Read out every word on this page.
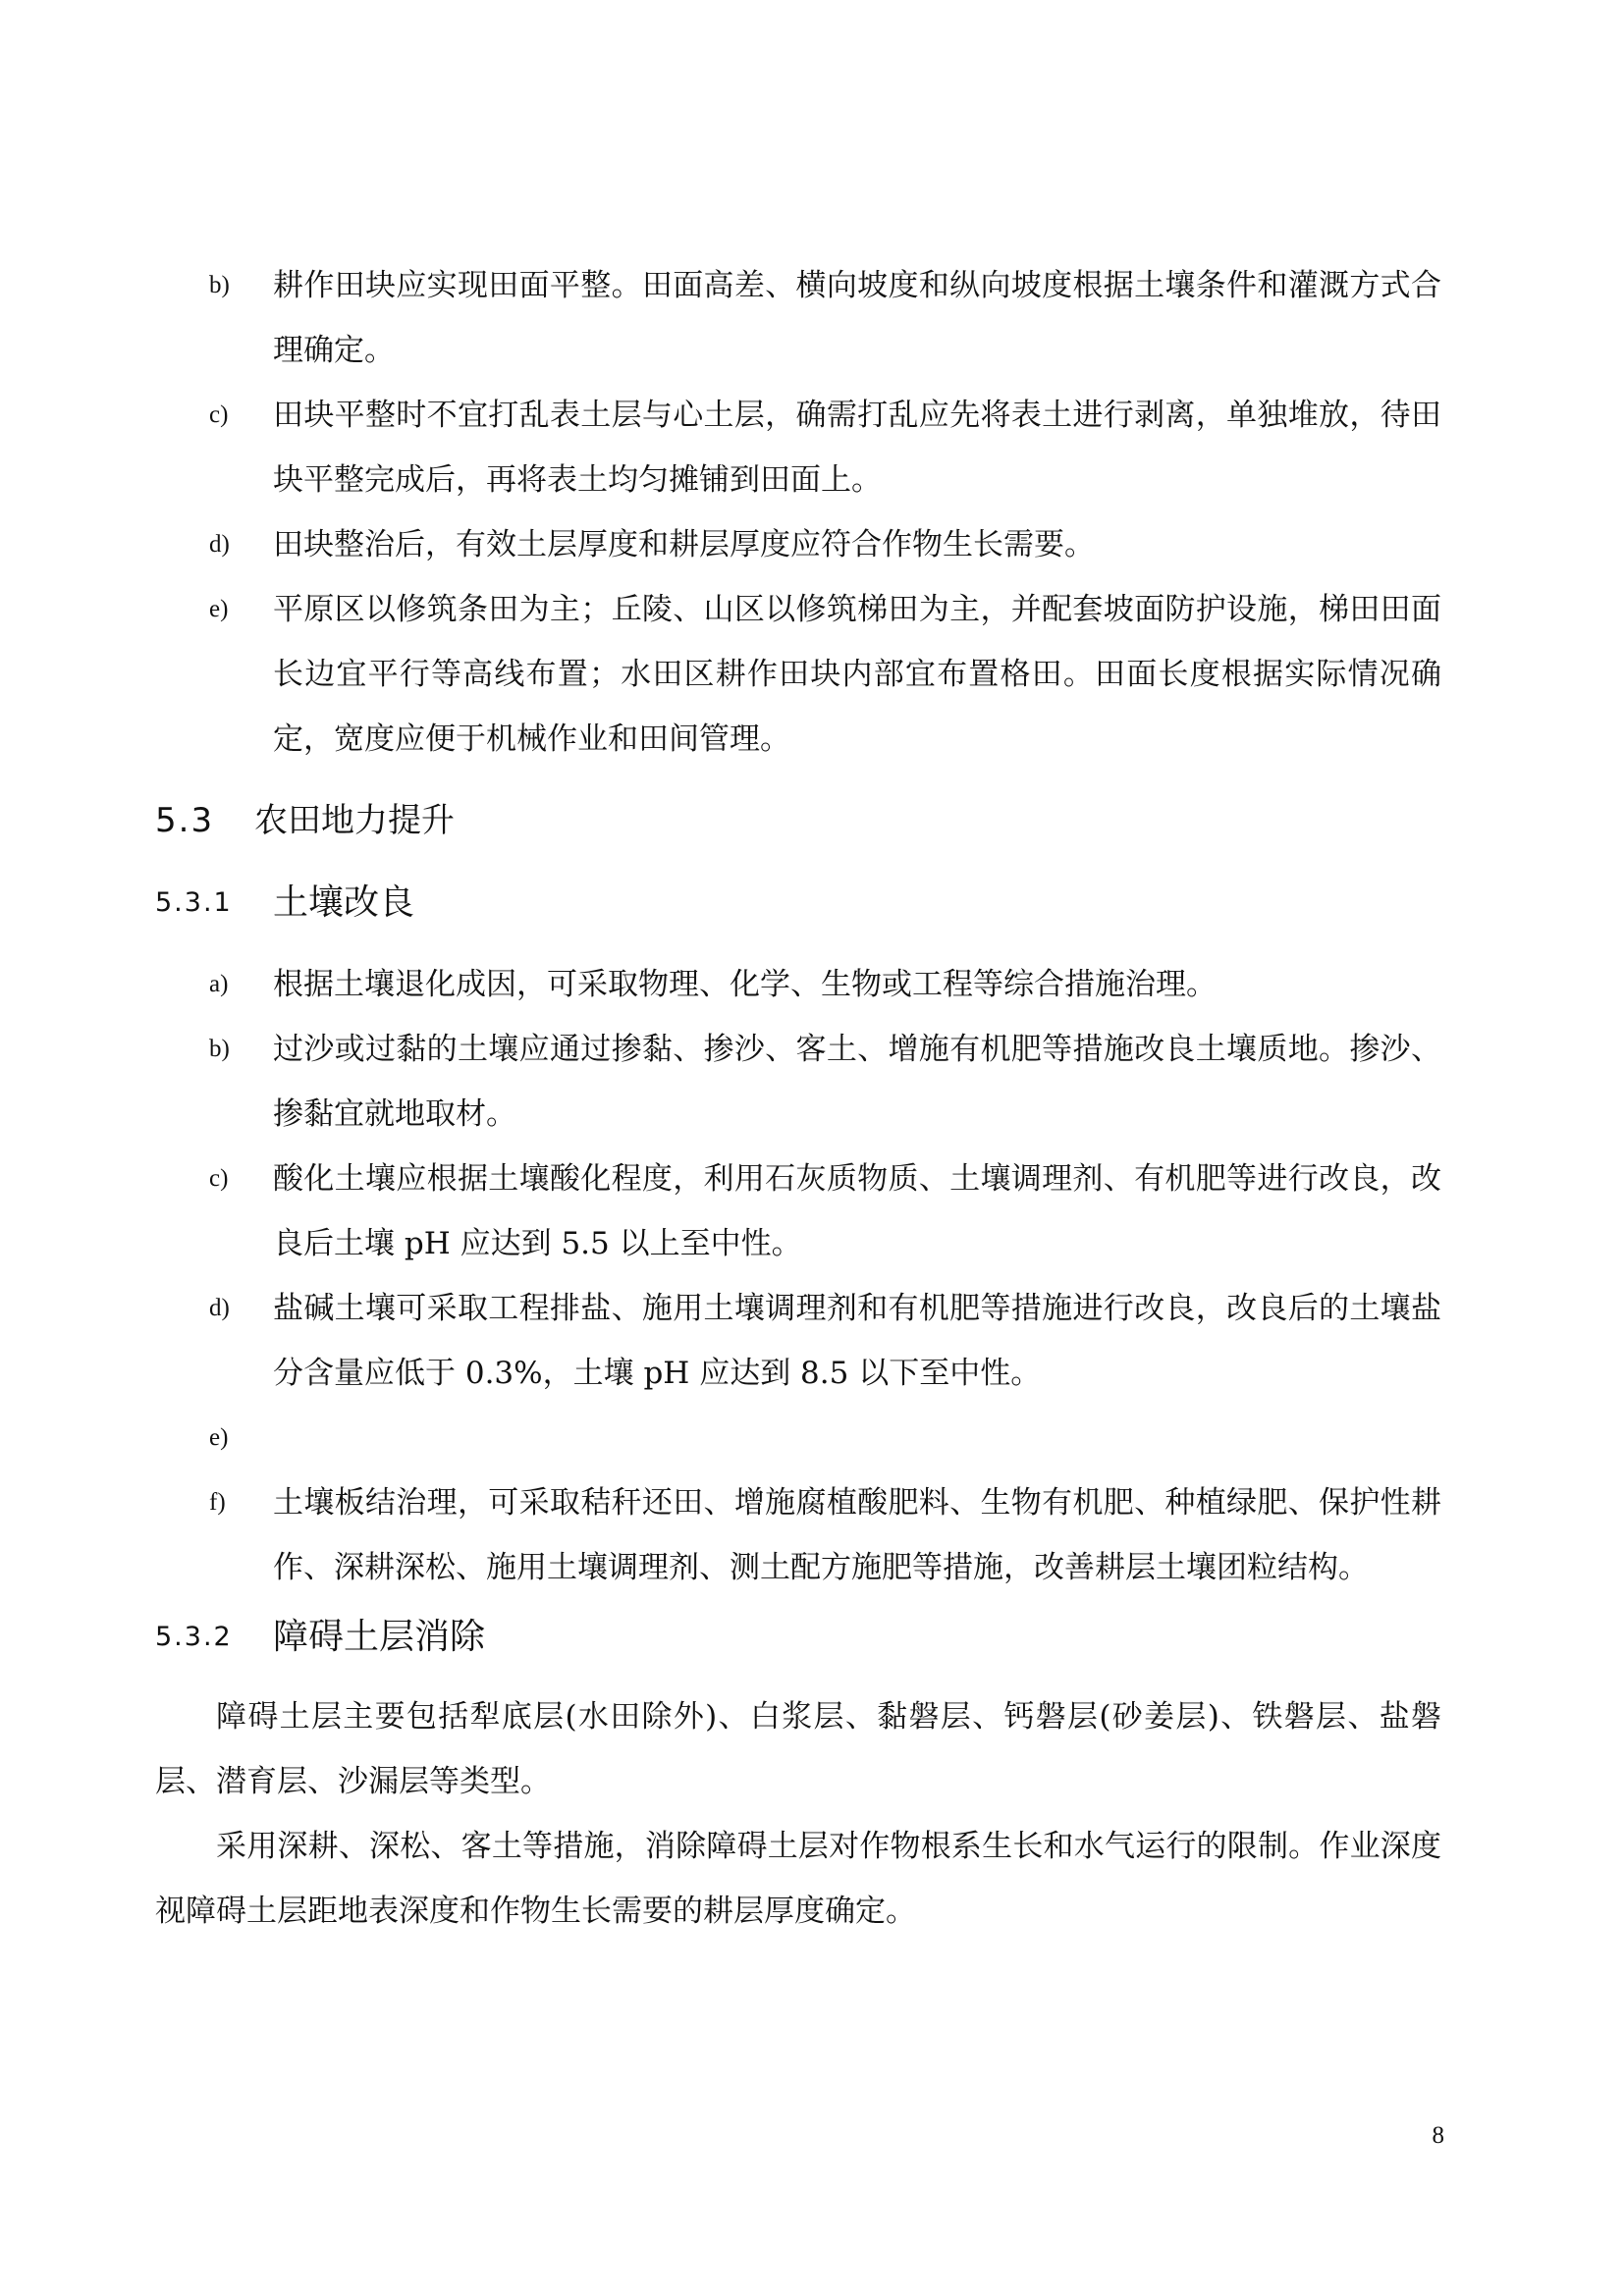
b) 耕作田块应实现田面平整。田面高差、横向坡度和纵向坡度根据土壤条件和灌溉方式合理确定。

c) 田块平整时不宜打乱表土层与心土层，确需打乱应先将表土进行剥离，单独堆放，待田块平整完成后，再将表土均匀摊铺到田面上。

d) 田块整治后，有效土层厚度和耕层厚度应符合作物生长需要。

e) 平原区以修筑条田为主；丘陵、山区以修筑梯田为主，并配套坡面防护设施，梯田田面长边宜平行等高线布置；水田区耕作田块内部宜布置格田。田面长度根据实际情况确定，宽度应便于机械作业和田间管理。

5.3	农田地力提升
5.3.1	土壤改良

a) 根据土壤退化成因，可采取物理、化学、生物或工程等综合措施治理。

b) 过沙或过黏的土壤应通过掺黏、掺沙、客土、增施有机肥等措施改良土壤质地。掺沙、掺黏宜就地取材。

c) 酸化土壤应根据土壤酸化程度，利用石灰质物质、土壤调理剂、有机肥等进行改良，改良后土壤 pH 应达到 5.5 以上至中性。

d) 盐碱土壤可采取工程排盐、施用土壤调理剂和有机肥等措施进行改良，改良后的土壤盐分含量应低于 0.3%，土壤 pH 应达到 8.5 以下至中性。

e)

f) 土壤板结治理，可采取秸秆还田、增施腐植酸肥料、生物有机肥、种植绿肥、保护性耕作、深耕深松、施用土壤调理剂、测土配方施肥等措施，改善耕层土壤团粒结构。

5.3.2	障碍土层消除

障碍土层主要包括犁底层(水田除外)、白浆层、黏磐层、钙磐层(砂姜层)、铁磐层、盐磐层、潜育层、沙漏层等类型。

采用深耕、深松、客土等措施，消除障碍土层对作物根系生长和水气运行的限制。作业深度视障碍土层距地表深度和作物生长需要的耕层厚度确定。

8
